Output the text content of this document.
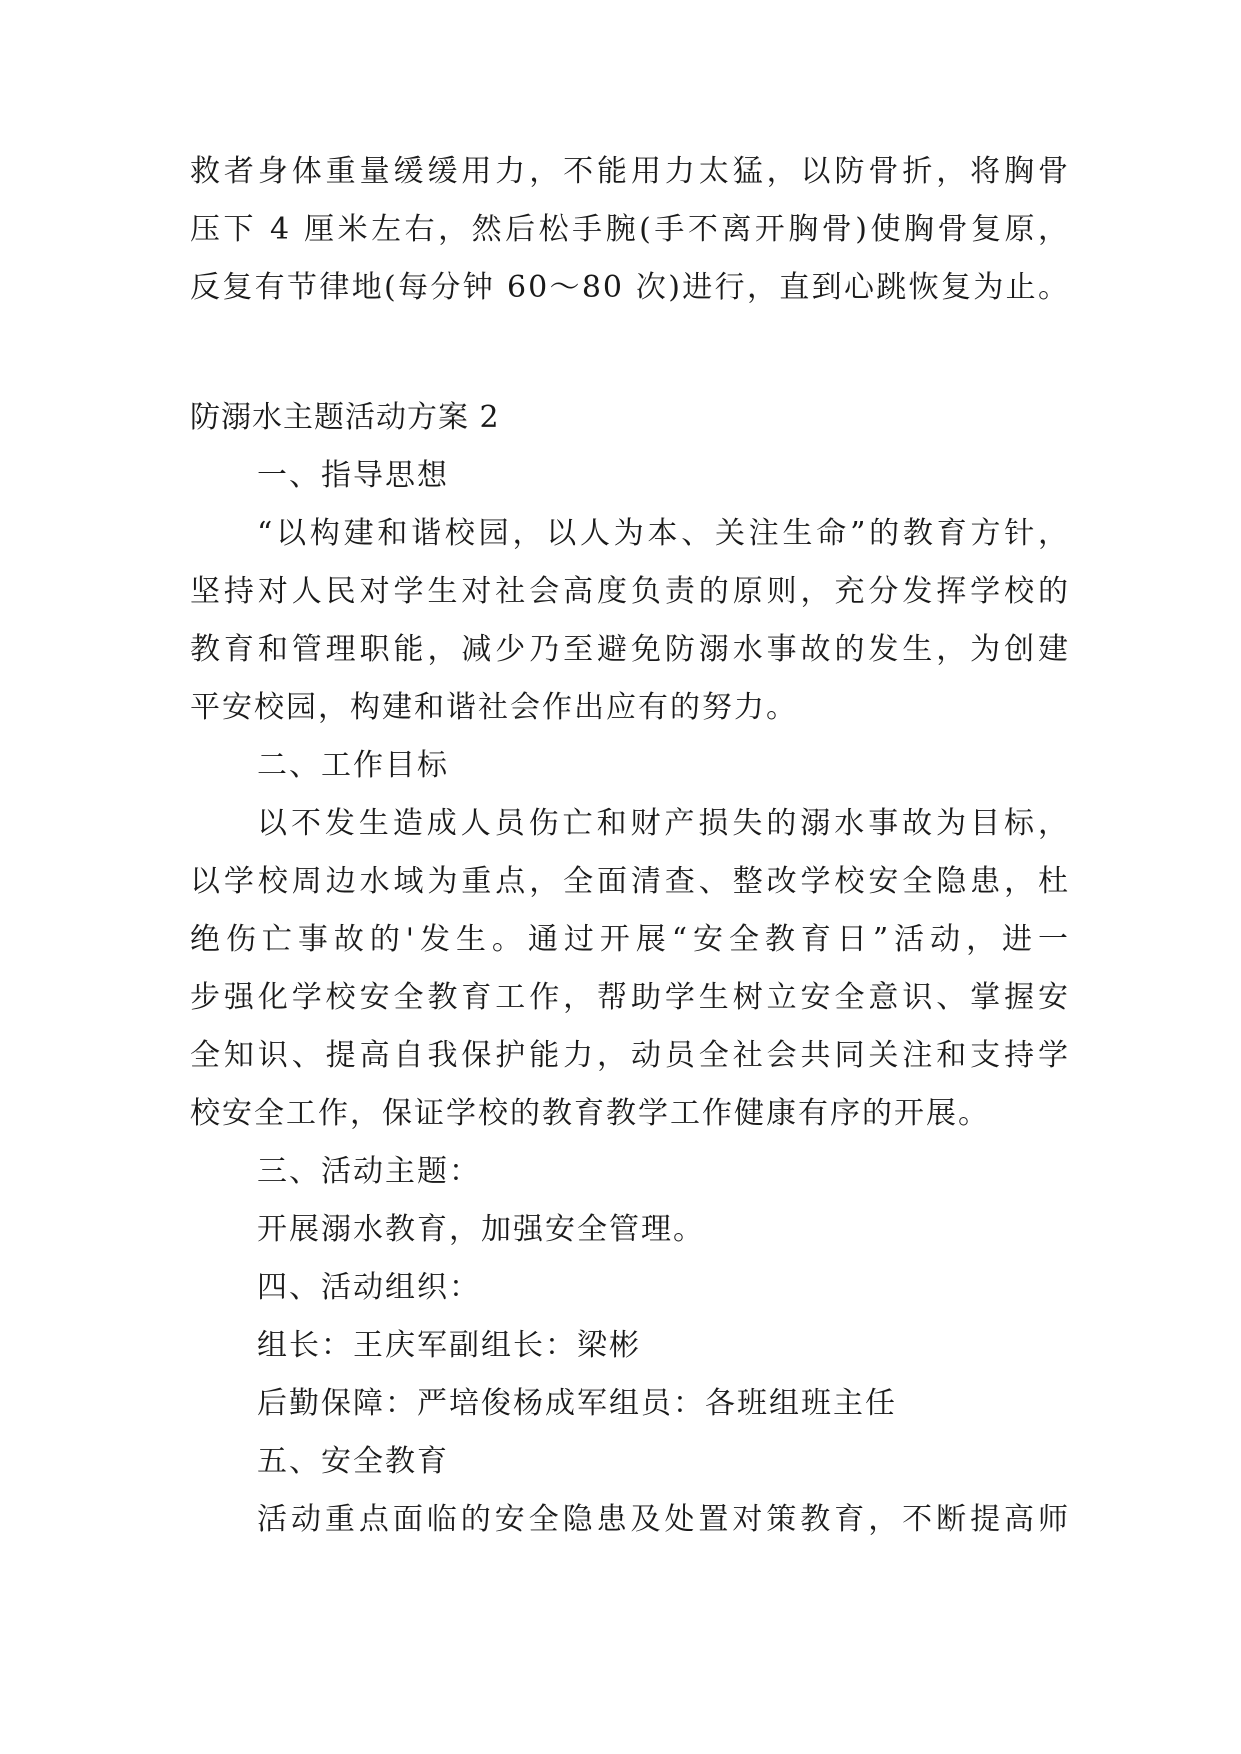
救者身体重量缓缓用力，不能用力太猛，以防骨折，将胸骨
压下 4 厘米左右，然后松手腕(手不离开胸骨)使胸骨复原，
反复有节律地(每分钟 60～80 次)进行，直到心跳恢复为止。
防溺水主题活动方案 2
一、指导思想
“以构建和谐校园，以人为本、关注生命”的教育方针，
坚持对人民对学生对社会高度负责的原则，充分发挥学校的
教育和管理职能，减少乃至避免防溺水事故的发生，为创建
平安校园，构建和谐社会作出应有的努力。
二、工作目标
以不发生造成人员伤亡和财产损失的溺水事故为目标，
以学校周边水域为重点，全面清查、整改学校安全隐患，杜
绝伤亡事故的'发生。通过开展“安全教育日”活动，进一
步强化学校安全教育工作，帮助学生树立安全意识、掌握安
全知识、提高自我保护能力，动员全社会共同关注和支持学
校安全工作，保证学校的教育教学工作健康有序的开展。
三、活动主题：
开展溺水教育，加强安全管理。
四、活动组织：
组长：王庆军副组长：梁彬
后勤保障：严培俊杨成军组员：各班组班主任
五、安全教育
活动重点面临的安全隐患及处置对策教育，不断提高师
